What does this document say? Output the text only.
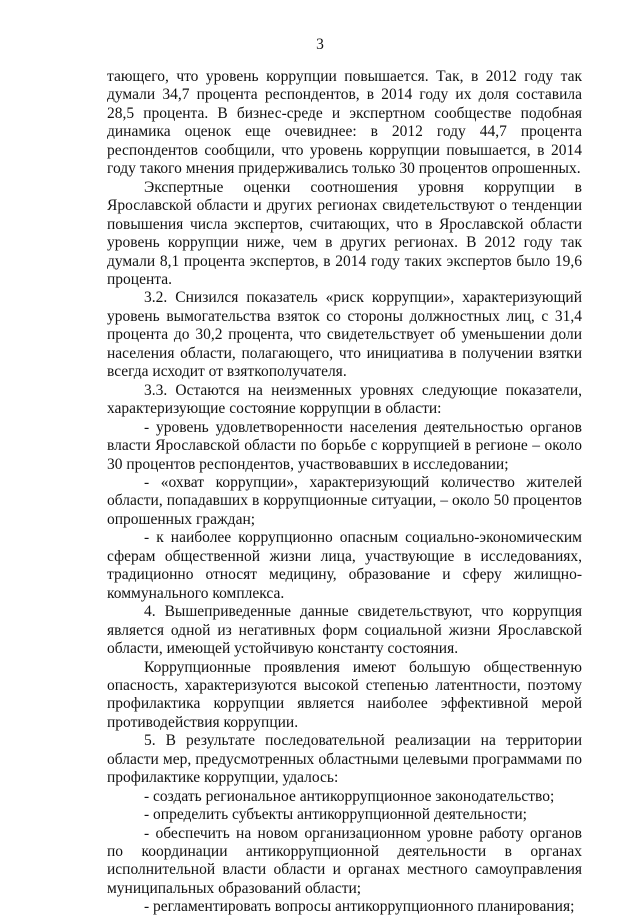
3

тающего, что уровень коррупции повышается. Так, в 2012 году так думали 34,7 процента респондентов, в 2014 году их доля составила 28,5 процента. В бизнес-среде и экспертном сообществе подобная динамика оценок еще очевиднее: в 2012 году 44,7 процента респондентов сообщили, что уровень коррупции повышается, в 2014 году такого мнения придерживались только 30 процентов опрошенных.

Экспертные оценки соотношения уровня коррупции в Ярославской области и других регионах свидетельствуют о тенденции повышения числа экспертов, считающих, что в Ярославской области уровень коррупции ниже, чем в других регионах. В 2012 году так думали 8,1 процента экспертов, в 2014 году таких экспертов было 19,6 процента.

3.2. Снизился показатель «риск коррупции», характеризующий уровень вымогательства взяток со стороны должностных лиц, с 31,4 процента до 30,2 процента, что свидетельствует об уменьшении доли населения области, полагающего, что инициатива в получении взятки всегда исходит от взяткополучателя.

3.3. Остаются на неизменных уровнях следующие показатели, характеризующие состояние коррупции в области:

- уровень удовлетворенности населения деятельностью органов власти Ярославской области по борьбе с коррупцией в регионе – около 30 процентов респондентов, участвовавших в исследовании;

- «охват коррупции», характеризующий количество жителей области, попадавших в коррупционные ситуации, – около 50 процентов опрошенных граждан;

- к наиболее коррупционно опасным социально-экономическим сферам общественной жизни лица, участвующие в исследованиях, традиционно относят медицину, образование и сферу жилищно-коммунального комплекса.

4. Вышеприведенные данные свидетельствуют, что коррупция является одной из негативных форм социальной жизни Ярославской области, имеющей устойчивую константу состояния.

Коррупционные проявления имеют большую общественную опасность, характеризуются высокой степенью латентности, поэтому профилактика коррупции является наиболее эффективной мерой противодействия коррупции.

5. В результате последовательной реализации на территории области мер, предусмотренных областными целевыми программами по профилактике коррупции, удалось:

- создать региональное антикоррупционное законодательство;

- определить субъекты антикоррупционной деятельности;

- обеспечить на новом организационном уровне работу органов по координации антикоррупционной деятельности в органах исполнительной власти области и органах местного самоуправления муниципальных образований области;

- регламентировать вопросы антикоррупционного планирования;
